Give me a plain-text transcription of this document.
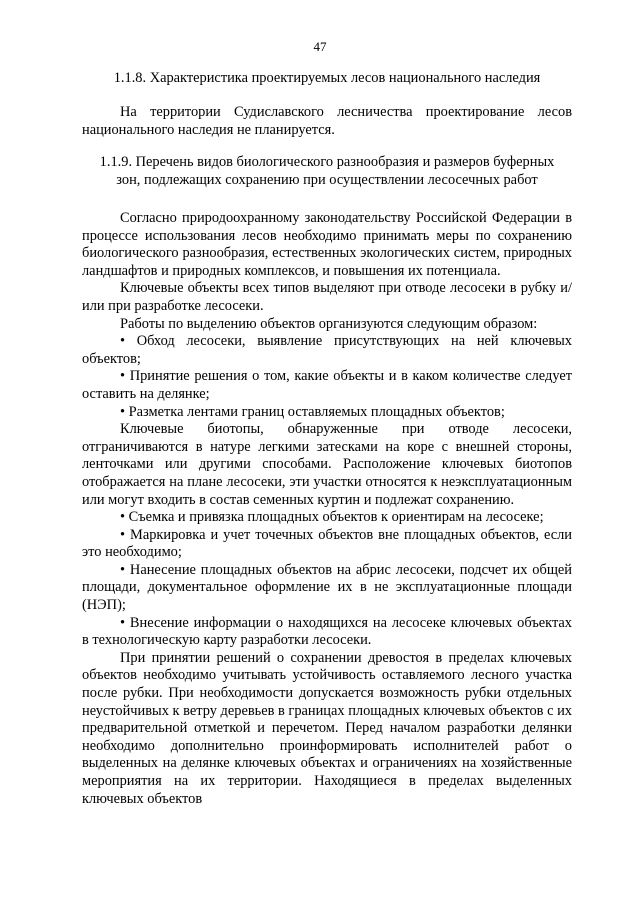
47
1.1.8. Характеристика проектируемых лесов национального наследия

На территории Судиславского лесничества проектирование лесов национального наследия не планируется.

1.1.9. Перечень видов биологического разнообразия и размеров буферных
зон, подлежащих сохранению при осуществлении лесосечных работ

Согласно природоохранному законодательству Российской Федерации в процессе использования лесов необходимо принимать меры по сохранению биологического разнообразия, естественных экологических систем, природных ландшафтов и природных комплексов, и повышения их потенциала.

Ключевые объекты всех типов выделяют при отводе лесосеки в рубку и/или при разработке лесосеки.

Работы по выделению объектов организуются следующим образом:

• Обход лесосеки, выявление присутствующих на ней ключевых объектов;

• Принятие решения о том, какие объекты и в каком количестве следует оставить на делянке;

• Разметка лентами границ оставляемых площадных объектов;

Ключевые биотопы, обнаруженные при отводе лесосеки, отграничиваются в натуре легкими затесками на коре с внешней стороны, ленточками или другими способами. Расположение ключевых биотопов отображается на плане лесосеки, эти участки относятся к неэксплуатационным или могут входить в состав семенных куртин и подлежат сохранению.

• Съемка и привязка площадных объектов к ориентирам на лесосеке;

• Маркировка и учет точечных объектов вне площадных объектов, если это необходимо;

• Нанесение площадных объектов на абрис лесосеки, подсчет их общей площади, документальное оформление их в не эксплуатационные площади (НЭП);

• Внесение информации о находящихся на лесосеке ключевых объектах в технологическую карту разработки лесосеки.

При принятии решений о сохранении древостоя в пределах ключевых объектов необходимо учитывать устойчивость оставляемого лесного участка после рубки. При необходимости допускается возможность рубки отдельных неустойчивых к ветру деревьев в границах площадных ключевых объектов с их предварительной отметкой и перечетом. Перед началом разработки делянки необходимо дополнительно проинформировать исполнителей работ о выделенных на делянке ключевых объектах и ограничениях на хозяйственные мероприятия на их территории. Находящиеся в пределах выделенных ключевых объектов
